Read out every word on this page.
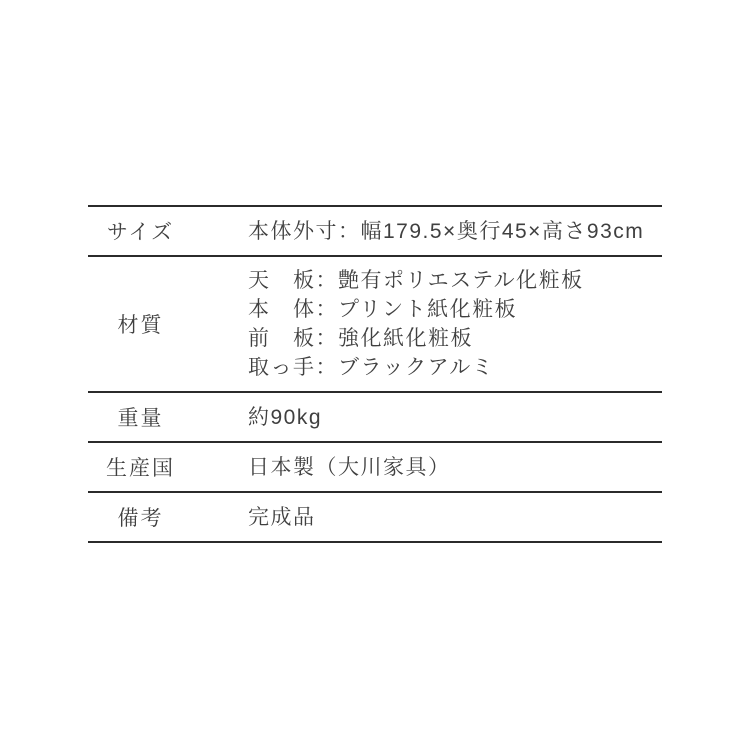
サイズ	本体外寸：幅179.5×奥行45×高さ93cm

材質	天　板：艶有ポリエステル化粧板
本　体：プリント紙化粧板
前　板：強化紙化粧板
取っ手：ブラックアルミ

重量	約90kg

生産国	日本製（大川家具）

備考	完成品
